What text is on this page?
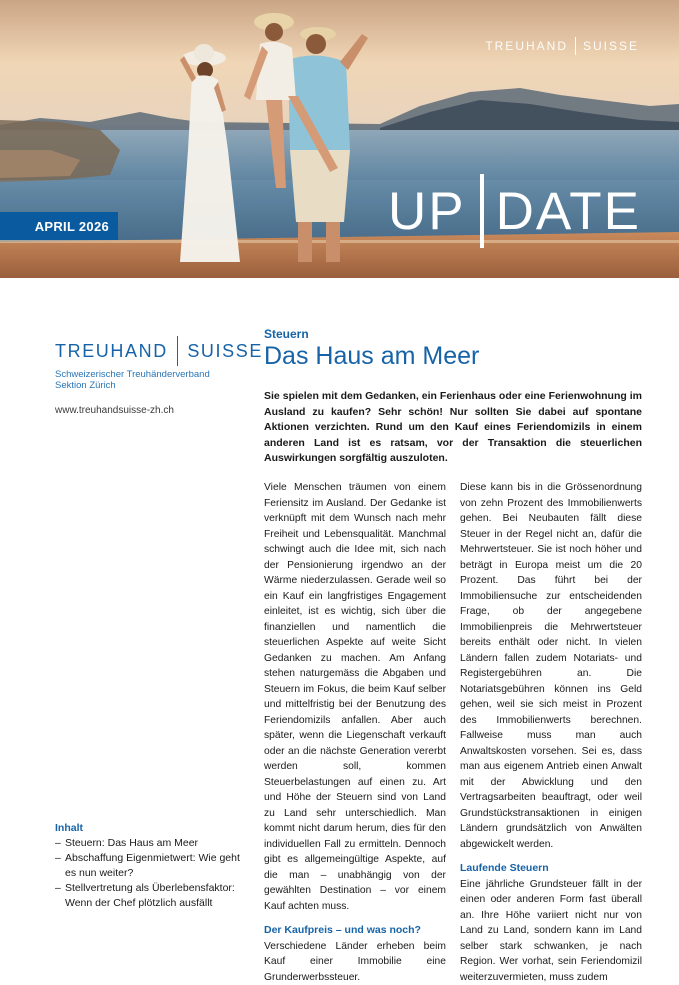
TREUHAND SUISSE
UP DATE
APRIL 2026
TREUHAND SUISSE
Schweizerischer Treuhänderverband
Sektion Zürich
www.treuhandsuisse-zh.ch
Inhalt
– Steuern: Das Haus am Meer
– Abschaffung Eigenmietwert: Wie geht es nun weiter?
– Stellvertretung als Überlebensfaktor: Wenn der Chef plötzlich ausfällt
Steuern
Das Haus am Meer
Sie spielen mit dem Gedanken, ein Ferienhaus oder eine Ferienwohnung im Ausland zu kaufen? Sehr schön! Nur sollten Sie dabei auf spontane Aktionen verzichten. Rund um den Kauf eines Feriendomizils in einem anderen Land ist es ratsam, vor der Transaktion die steuerlichen Auswirkungen sorgfältig auszuloten.

Viele Menschen träumen von einem Feriensitz im Ausland. Der Gedanke ist verknüpft mit dem Wunsch nach mehr Freiheit und Lebensqualität. Manchmal schwingt auch die Idee mit, sich nach der Pensionierung irgendwo an der Wärme niederzulassen. Gerade weil so ein Kauf ein langfristiges Engagement einleitet, ist es wichtig, sich über die finanziellen und namentlich die steuerlichen Aspekte auf weite Sicht Gedanken zu machen. Am Anfang stehen naturgemäss die Abgaben und Steuern im Fokus, die beim Kauf selber und mittelfristig bei der Benutzung des Feriendomizils anfallen. Aber auch später, wenn die Liegenschaft verkauft oder an die nächste Generation vererbt werden soll, kommen Steuerbelastungen auf einen zu. Art und Höhe der Steuern sind von Land zu Land sehr unterschiedlich. Man kommt nicht darum herum, dies für den individuellen Fall zu ermitteln. Dennoch gibt es allgemeingültige Aspekte, auf die man – unabhängig von der gewählten Destination – vor einem Kauf achten muss.

Der Kaufpreis – und was noch?

Verschiedene Länder erheben beim Kauf einer Immobilie eine Grunderwerbssteuer.

Diese kann bis in die Grössenordnung von zehn Prozent des Immobilienwerts gehen. Bei Neubauten fällt diese Steuer in der Regel nicht an, dafür die Mehrwertsteuer. Sie ist noch höher und beträgt in Europa meist um die 20 Prozent. Das führt bei der Immobiliensuche zur entscheidenden Frage, ob der angegebene Immobilienpreis die Mehrwertsteuer bereits enthält oder nicht. In vielen Ländern fallen zudem Notariats- und Registergebühren an. Die Notariatsgebühren können ins Geld gehen, weil sie sich meist in Prozent des Immobilienwerts berechnen. Fallweise muss man auch Anwaltskosten vorsehen. Sei es, dass man aus eigenem Antrieb einen Anwalt mit der Abwicklung und den Vertragsarbeiten beauftragt, oder weil Grundstückstransaktionen in einigen Ländern grundsätzlich von Anwälten abgewickelt werden.

Laufende Steuern

Eine jährliche Grundsteuer fällt in der einen oder anderen Form fast überall an. Ihre Höhe variiert nicht nur von Land zu Land, sondern kann im Land selber stark schwanken, je nach Region. Wer vorhat, sein Feriendomizil weiterzuvermieten, muss zudem
